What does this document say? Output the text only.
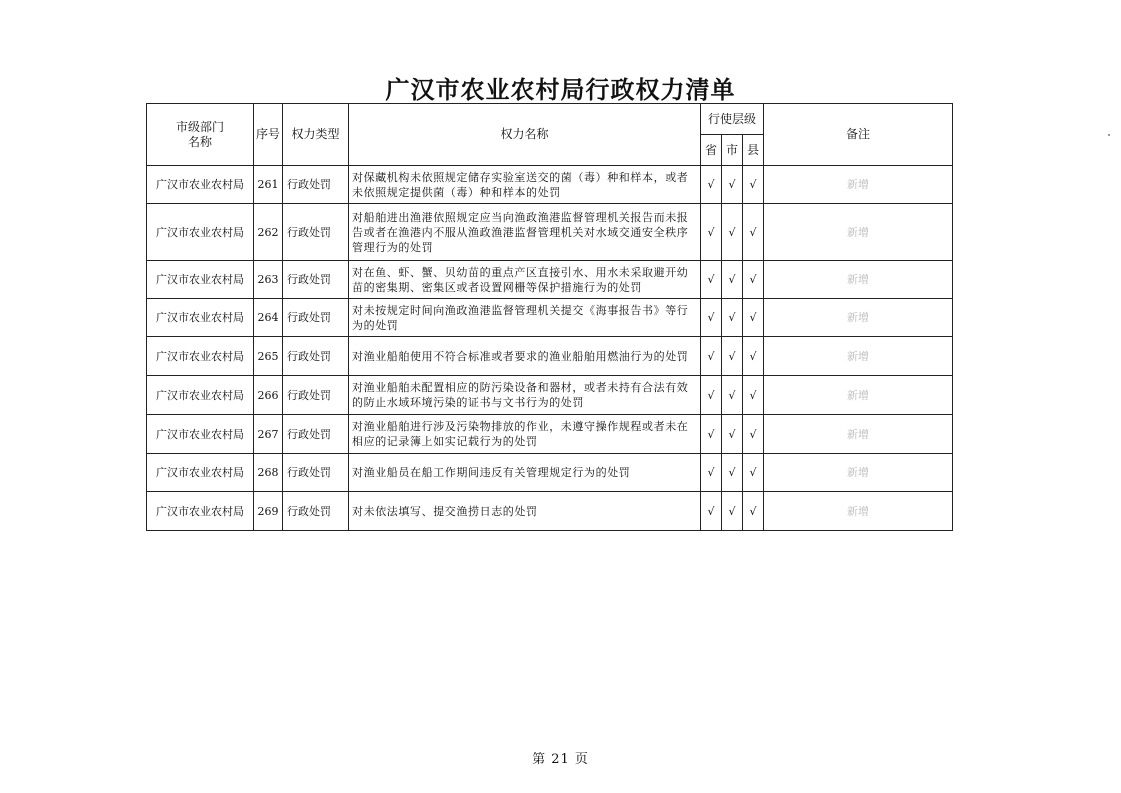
广汉市农业农村局行政权力清单
市级部门名称	序号	权力类型	权力名称	行使层级			备注
				省	市	县	
广汉市农业农村局	261	行政处罚	对保藏机构未依照规定储存实验室送交的菌（毒）种和样本，或者未依照规定提供菌（毒）种和样本的处罚	√	√	√	新增
广汉市农业农村局	262	行政处罚	对船舶进出渔港依照规定应当向渔政渔港监督管理机关报告而未报告或者在渔港内不服从渔政渔港监督管理机关对水域交通安全秩序管理行为的处罚	√	√	√	新增
广汉市农业农村局	263	行政处罚	对在鱼、虾、蟹、贝幼苗的重点产区直接引水、用水未采取避开幼苗的密集期、密集区或者设置网栅等保护措施行为的处罚	√	√	√	新增
广汉市农业农村局	264	行政处罚	对未按规定时间向渔政渔港监督管理机关提交《海事报告书》等行为的处罚	√	√	√	新增
广汉市农业农村局	265	行政处罚	对渔业船舶使用不符合标准或者要求的渔业船舶用燃油行为的处罚	√	√	√	新增
广汉市农业农村局	266	行政处罚	对渔业船舶未配置相应的防污染设备和器材，或者未持有合法有效的防止水域环境污染的证书与文书行为的处罚	√	√	√	新增
广汉市农业农村局	267	行政处罚	对渔业船舶进行涉及污染物排放的作业，未遵守操作规程或者未在相应的记录簿上如实记载行为的处罚	√	√	√	新增
广汉市农业农村局	268	行政处罚	对渔业船员在船工作期间违反有关管理规定行为的处罚	√	√	√	新增
广汉市农业农村局	269	行政处罚	对未依法填写、提交渔捞日志的处罚	√	√	√	新增
第 21 页
